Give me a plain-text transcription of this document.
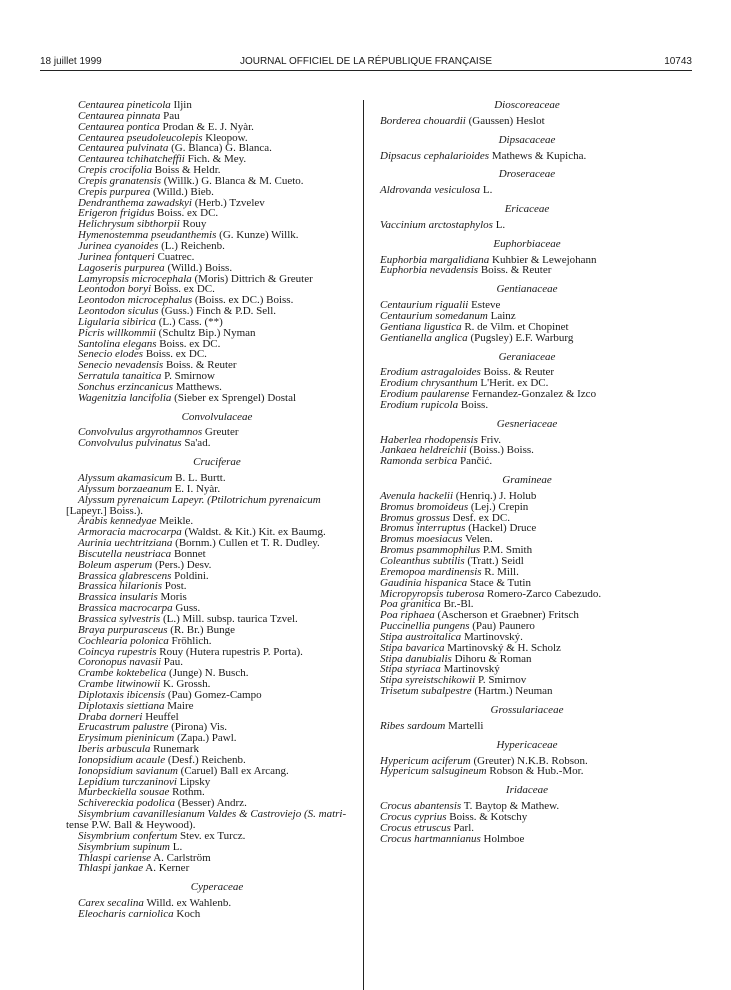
18 juillet 1999	JOURNAL OFFICIEL DE LA RÉPUBLIQUE FRANÇAISE	10743
Centaurea pineticola Iljin
Centaurea pinnata Pau
Centaurea pontica Prodan & E. J. Nyàr.
Centaurea pseudoleucolepis Kleopow.
Centaurea pulvinata (G. Blanca) G. Blanca.
Centaurea tchihatcheffii Fich. & Mey.
Crepis crocifolia Boiss & Heldr.
Crepis granatensis (Willk.) G. Blanca & M. Cueto.
Crepis purpurea (Willd.) Bieb.
Dendranthema zawadskyi (Herb.) Tzvelev
Erigeron frigidus Boiss. ex DC.
Helichrysum sibthorpii Rouy
Hymenostemma pseudanthemis (G. Kunze) Willk.
Jurinea cyanoides (L.) Reichenb.
Jurinea fontqueri Cuatrec.
Lagoseris purpurea (Willd.) Boiss.
Lamyropsis microcephala (Moris) Dittrich & Greuter
Leontodon boryi Boiss. ex DC.
Leontodon microcephalus (Boiss. ex DC.) Boiss.
Leontodon siculus (Guss.) Finch & P.D. Sell.
Ligularia sibirica (L.) Cass. (**)
Picris willkommii (Schultz Bip.) Nyman
Santolina elegans Boiss. ex DC.
Senecio elodes Boiss. ex DC.
Senecio nevadensis Boiss. & Reuter
Serratula tanaitica P. Smirnow
Sonchus erzincanicus Matthews.
Wagenitzia lancifolia (Sieber ex Sprengel) Dostal
Convolvulaceae
Convolvulus argyrothamnos Greuter
Convolvulus pulvinatus Sa'ad.
Cruciferae
Alyssum akamasicum B. L. Burtt.
Alyssum borzaeanum E. I. Nyàr.
Alyssum pyrenaicum Lapeyr. (Ptilotrichum pyrenaicum
[Lapeyr.] Boiss.).
Arabis kennedyae Meikle.
Armoracia macrocarpa (Waldst. & Kit.) Kit. ex Baumg.
Aurinia uechtritziana (Bornm.) Cullen et T. R. Dudley.
Biscutella neustriaca Bonnet
Boleum asperum (Pers.) Desv.
Brassica glabrescens Poldini.
Brassica hilarionis Post.
Brassica insularis Moris
Brassica macrocarpa Guss.
Brassica sylvestris (L.) Mill. subsp. taurica Tzvel.
Braya purpurasceus (R. Br.) Bunge
Cochlearia polonica Fröhlich.
Coincya rupestris Rouy (Hutera rupestris P. Porta).
Coronopus navasii Pau.
Crambe koktebelica (Junge) N. Busch.
Crambe litwinowii K. Grossh.
Diplotaxis ibicensis (Pau) Gomez-Campo
Diplotaxis siettiana Maire
Draba dorneri Heuffel
Erucastrum palustre (Pirona) Vis.
Erysimum pieninicum (Zapa.) Pawl.
Iberis arbuscula Runemark
Ionopsidium acaule (Desf.) Reichenb.
Ionopsidium savianum (Caruel) Ball ex Arcang.
Lepidium turczaninovi Lipsky
Murbeckiella sousae Rothm.
Schivereckia podolica (Besser) Andrz.
Sisymbrium cavanillesianum Valdes & Castroviejo (S. matri-
tense P.W. Ball & Heywood).
Sisymbrium confertum Stev. ex Turcz.
Sisymbrium supinum L.
Thlaspi cariense A. Carlström
Thlaspi jankae A. Kerner
Cyperaceae
Carex secalina Willd. ex Wahlenb.
Eleocharis carniolica Koch
Dioscoreaceae
Borderea chouardii (Gaussen) Heslot
Dipsacaceae
Dipsacus cephalarioides Mathews & Kupicha.
Droseraceae
Aldrovanda vesiculosa L.
Ericaceae
Vaccinium arctostaphylos L.
Euphorbiaceae
Euphorbia margalidiana Kuhbier & Lewejohann
Euphorbia nevadensis Boiss. & Reuter
Gentianaceae
Centaurium rigualii Esteve
Centaurium somedanum Lainz
Gentiana ligustica R. de Vilm. et Chopinet
Gentianella anglica (Pugsley) E.F. Warburg
Geraniaceae
Erodium astragaloides Boiss. & Reuter
Erodium chrysanthum L'Herit. ex DC.
Erodium paularense Fernandez-Gonzalez & Izco
Erodium rupicola Boiss.
Gesneriaceae
Haberlea rhodopensis Friv.
Jankaea heldreichii (Boiss.) Boiss.
Ramonda serbica Pančić.
Gramineae
Avenula hackelii (Henriq.) J. Holub
Bromus bromoideus (Lej.) Crepin
Bromus grossus Desf. ex DC.
Bromus interruptus (Hackel) Druce
Bromus moesiacus Velen.
Bromus psammophilus P.M. Smith
Coleanthus subtilis (Tratt.) Seidl
Eremopoa mardinensis R. Mill.
Gaudinia hispanica Stace & Tutin
Micropyropsis tuberosa Romero-Zarco Cabezudo.
Poa granitica Br.-Bl.
Poa riphaea (Ascherson et Graebner) Fritsch
Puccinellia pungens (Pau) Paunero
Stipa austroitalica Martinovský.
Stipa bavarica Martinovský & H. Scholz
Stipa danubialis Dihoru & Roman
Stipa styriaca Martinovský
Stipa syreistschikowii P. Smirnov
Trisetum subalpestre (Hartm.) Neuman
Grossulariaceae
Ribes sardoum Martelli
Hypericaceae
Hypericum aciferum (Greuter) N.K.B. Robson.
Hypericum salsugineum Robson & Hub.-Mor.
Iridaceae
Crocus abantensis T. Baytop & Mathew.
Crocus cyprius Boiss. & Kotschy
Crocus etruscus Parl.
Crocus hartmannianus Holmboe
